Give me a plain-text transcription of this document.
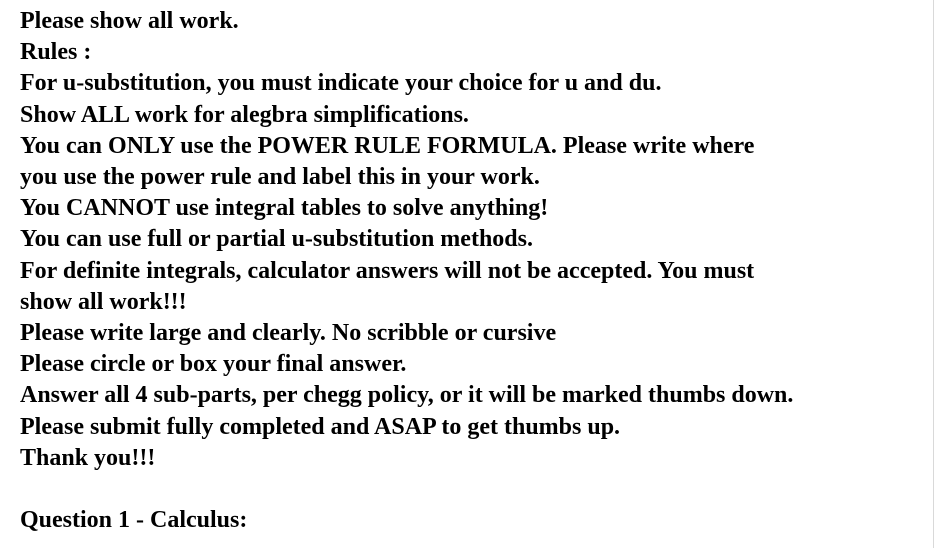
Please show all work.

Rules :

For u-substitution, you must indicate your choice for u and du.

Show ALL work for alegbra simplifications.

You can ONLY use the POWER RULE FORMULA. Please write where

you use the power rule and label this in your work.

You CANNOT use integral tables to solve anything!

You can use full or partial u-substitution methods.

For definite integrals, calculator answers will not be accepted. You must

show all work!!!

Please write large and clearly. No scribble or cursive

Please circle or box your final answer.

Answer all 4 sub-parts, per chegg policy, or it will be marked thumbs down.

Please submit fully completed and ASAP to get thumbs up.

Thank you!!!

Question 1 - Calculus:
